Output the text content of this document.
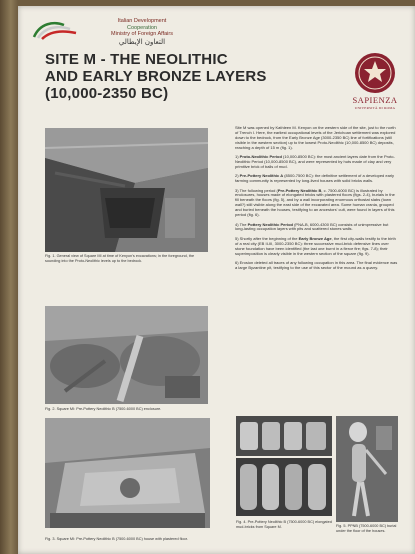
Italian Development
Cooperation
Ministry of Foreign Affairs
التعاون الإيطالي
SITE M - THE NEOLITHIC
AND EARLY BRONZE LAYERS
(10,000-2350 BC)	SAPIENZA
UNIVERSITÀ DI ROMA
Fig. 1. General view of Square MI at time of Kenyon's excavations; in the foreground, the sounding into the Proto-Neolithic levels up to the bedrock.
Fig. 2. Square MI: Pre-Pottery Neolithic B (7500-6000 BC) enclosure.
Fig. 3. Square MI: Pre-Pottery Neolithic B (7500-6000 BC) house with plastered floor.
Fig. 4. Pre-Pottery Neolithic B (7500-6000 BC) elongated mud-bricks from Square M.	Fig. 5. PPNB (7500-6000 BC) burial under the floor of the houses.

Site M was opened by Kathleen M. Kenyon on the western side of the site, just to the north of Trench I. Here, the earliest occupational levels of the Jerichoan settlement was explored down to the bedrock, from the Early Bronze Age (3000-2350 BC) line of fortifications (still visible in the western section) up to the lowest Proto-Neolithic (10,000-8500 BC) deposits, reaching a depth of 15 m (fig. 1).

1) Proto-Neolithic Period (10,000-8500 BC): the most ancient layers date from the Proto-Neolithic Period (10,000-8500 BC), and were represented by huts made of clay and very primitive brick of balls of mud.

2) Pre-Pottery Neolithic A (8500-7500 BC): the definitive settlement of a developed early farming community is represented by long-lived houses with solid bricks walls.

3) The following period (Pre-Pottery Neolithic B, c. 7500-6000 BC) is illustrated by enclosures, houses made of elongated bricks with plastered floors (figs. 2-4), burials in the fill beneath the floors (fig. 5), and by a wall incorporating enormous orthostat slabs (town wall?) still visible along the east side of the excavated area. Some human crania, grouped and buried beneath the houses, testifying to an ancestors' cult, were found in layers of this period (fig. 6).

4) The Pottery Neolithic Period (PNA-B, 6000-4300 BC) consists of unimpressive but long-lasting occupation layers with pits and scattered stones walls.

5) Shortly after the beginning of the Early Bronze Age, the first city-walls testify to the birth of a real city (EB II-III, 3000-2350 BC): three successive mud-brick defensive lines over stone foundation have been identified (the last one burnt in a fierce fire; figs. 7-8); their superimposition is clearly visible in the western section of the square (fig. 9).

6) Erosion deleted all traces of any following occupation in this area. The final evidence was a large Byzantine pit, testifying to the use of this sector of the mound as a quarry.
